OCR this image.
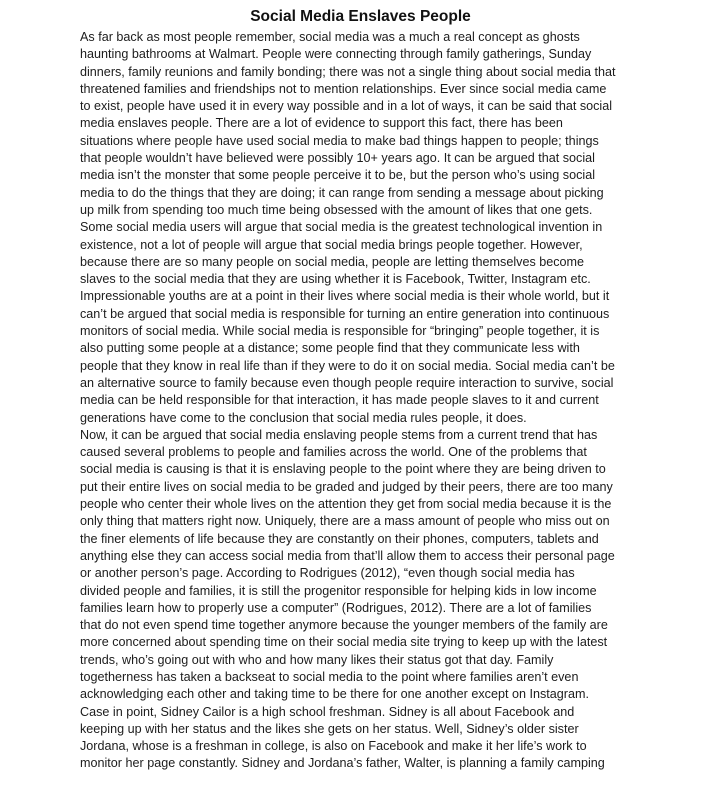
Social Media Enslaves People
As far back as most people remember, social media was a much a real concept as ghosts
haunting bathrooms at Walmart. People were connecting through family gatherings, Sunday
dinners, family reunions and family bonding; there was not a single thing about social media that
threatened families and friendships not to mention relationships. Ever since social media came
to exist, people have used it in every way possible and in a lot of ways, it can be said that social
media enslaves people. There are a lot of evidence to support this fact, there has been
situations where people have used social media to make bad things happen to people; things
that people wouldn’t have believed were possibly 10+ years ago. It can be argued that social
media isn’t the monster that some people perceive it to be, but the person who’s using social
media to do the things that they are doing; it can range from sending a message about picking
up milk from spending too much time being obsessed with the amount of likes that one gets.
Some social media users will argue that social media is the greatest technological invention in
existence, not a lot of people will argue that social media brings people together. However,
because there are so many people on social media, people are letting themselves become
slaves to the social media that they are using whether it is Facebook, Twitter, Instagram etc.
Impressionable youths are at a point in their lives where social media is their whole world, but it
can’t be argued that social media is responsible for turning an entire generation into continuous
monitors of social media. While social media is responsible for “bringing” people together, it is
also putting some people at a distance; some people find that they communicate less with
people that they know in real life than if they were to do it on social media. Social media can’t be
an alternative source to family because even though people require interaction to survive, social
media can be held responsible for that interaction, it has made people slaves to it and current
generations have come to the conclusion that social media rules people, it does.
Now, it can be argued that social media enslaving people stems from a current trend that has
caused several problems to people and families across the world. One of the problems that
social media is causing is that it is enslaving people to the point where they are being driven to
put their entire lives on social media to be graded and judged by their peers, there are too many
people who center their whole lives on the attention they get from social media because it is the
only thing that matters right now. Uniquely, there are a mass amount of people who miss out on
the finer elements of life because they are constantly on their phones, computers, tablets and
anything else they can access social media from that’ll allow them to access their personal page
or another person’s page. According to Rodrigues (2012), “even though social media has
divided people and families, it is still the progenitor responsible for helping kids in low income
families learn how to properly use a computer” (Rodrigues, 2012). There are a lot of families
that do not even spend time together anymore because the younger members of the family are
more concerned about spending time on their social media site trying to keep up with the latest
trends, who’s going out with who and how many likes their status got that day. Family
togetherness has taken a backseat to social media to the point where families aren’t even
acknowledging each other and taking time to be there for one another except on Instagram.
Case in point, Sidney Cailor is a high school freshman. Sidney is all about Facebook and
keeping up with her status and the likes she gets on her status. Well, Sidney’s older sister
Jordana, whose is a freshman in college, is also on Facebook and make it her life’s work to
monitor her page constantly. Sidney and Jordana’s father, Walter, is planning a family camping
